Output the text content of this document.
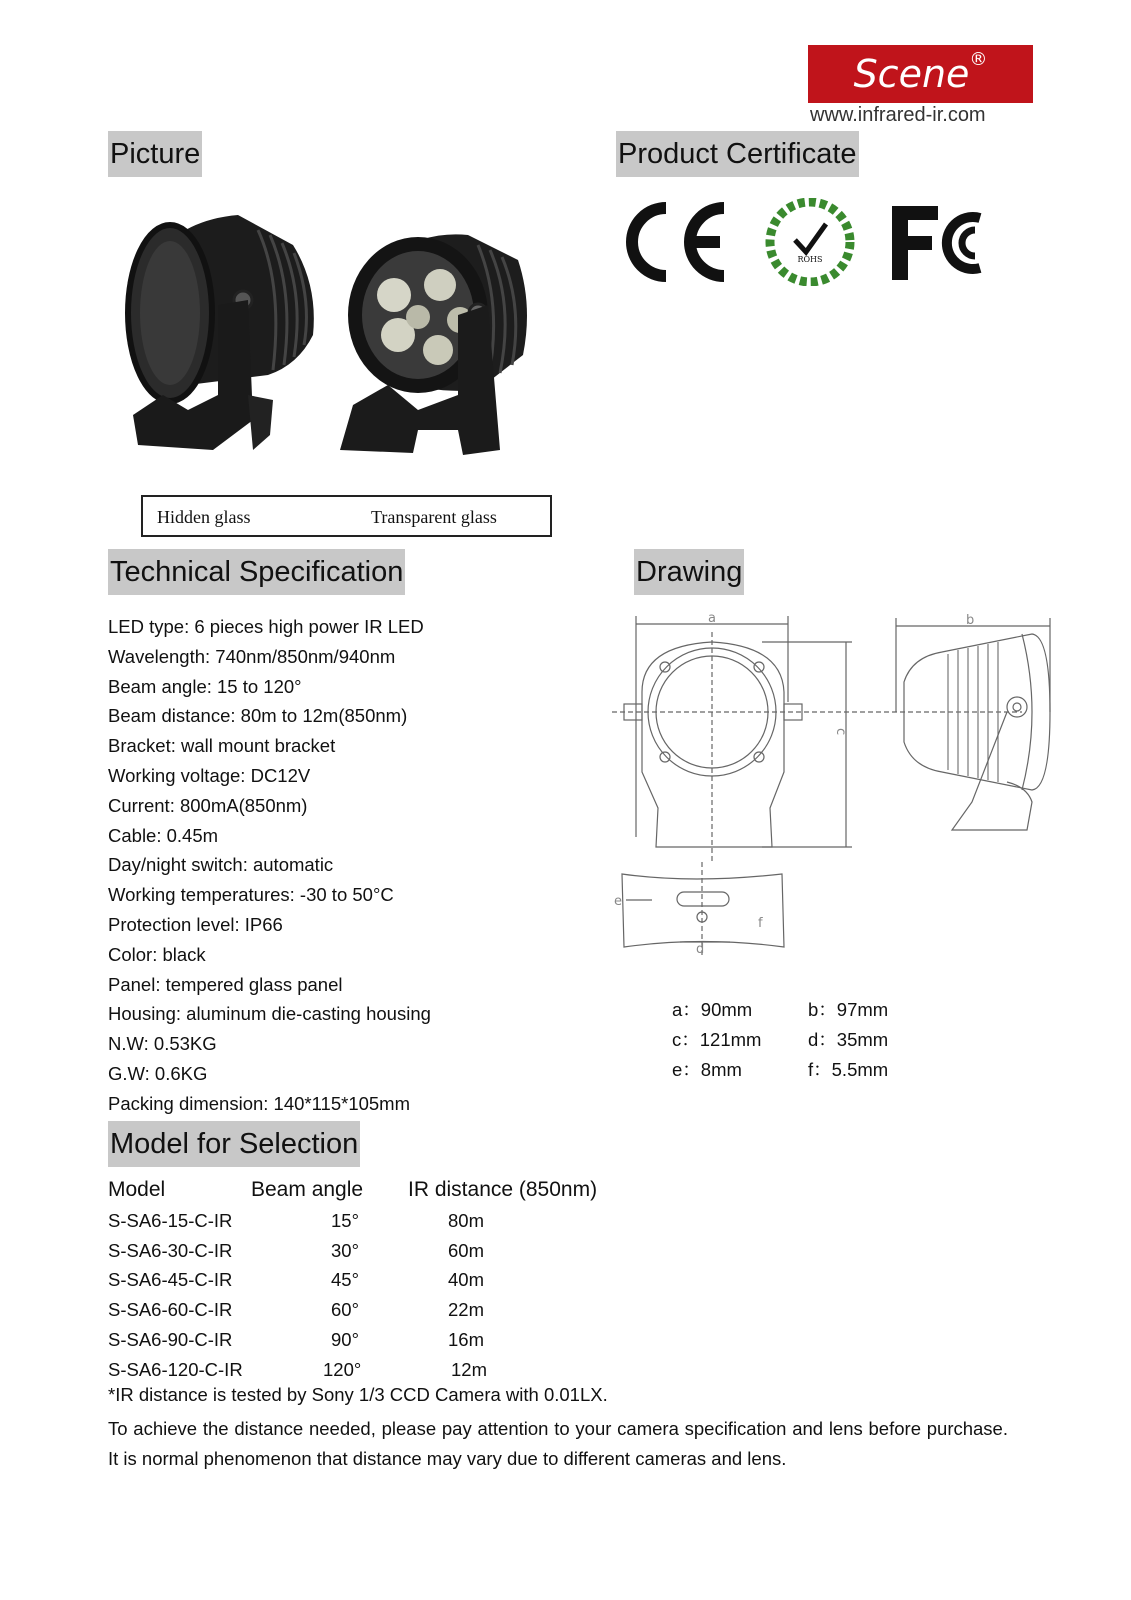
Scene®
www.infrared-ir.com
Picture	Product Certificate
Technical Specification	Drawing
Model for Selection
Hidden glass	Transparent glass
ROHS
LED type: 6 pieces high power IR LED
Wavelength: 740nm/850nm/940nm
Beam angle: 15 to 120°
Beam distance: 80m to 12m(850nm)
Bracket: wall mount bracket
Working voltage: DC12V
Current: 800mA(850nm)
Cable: 0.45m
Day/night switch: automatic
Working temperatures: -30 to 50°C
Protection level: IP66
Color: black
Panel: tempered glass panel
Housing: aluminum die-casting housing
N.W: 0.53KG
G.W: 0.6KG
Packing dimension: 140*115*105mm
a	b
c
d
e
f
a：90mm	b：97mm
c：121mm	d：35mm
e：8mm	f：5.5mm
Model	Beam angle	IR distance (850nm)
S-SA6-15-C-IR	15°	80m
S-SA6-30-C-IR	30°	60m
S-SA6-45-C-IR	45°	40m
S-SA6-60-C-IR	60°	22m
S-SA6-90-C-IR	90°	16m
S-SA6-120-C-IR	120°	12m
*IR distance is tested by Sony 1/3 CCD Camera with 0.01LX.
To achieve the distance needed, please pay attention to your camera specification and lens before purchase. It is normal phenomenon that distance may vary due to different cameras and lens.
